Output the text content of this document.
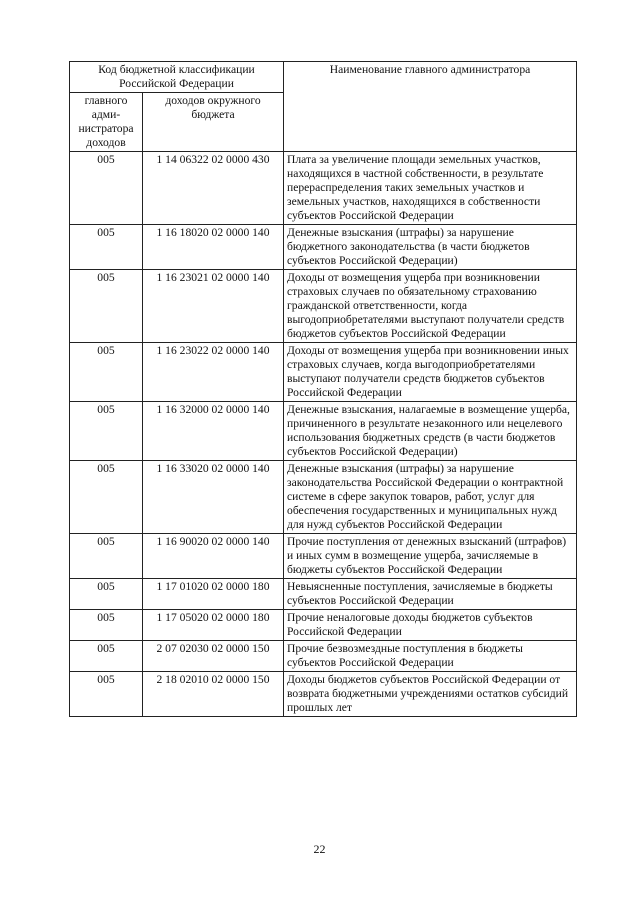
Код бюджетной классификации Российской Федерации		Наименование главного администратора
главного адми-нистратора доходов	доходов окружного бюджета	
005	1 14 06322 02 0000 430	Плата за увеличение площади земельных участков, находящихся в частной собственности, в результате перераспределения таких земельных участков и земельных участков, находящихся в собственности субъектов Российской Федерации
005	1 16 18020 02 0000 140	Денежные взыскания (штрафы) за нарушение бюджетного законодательства (в части бюджетов субъектов Российской Федерации)
005	1 16 23021 02 0000 140	Доходы от возмещения ущерба при возникновении страховых случаев по обязательному страхованию гражданской ответственности, когда выгодоприобретателями выступают получатели средств бюджетов субъектов Российской Федерации
005	1 16 23022 02 0000 140	Доходы от возмещения ущерба при возникновении иных страховых случаев, когда выгодоприобретателями выступают получатели средств бюджетов субъектов Российской Федерации
005	1 16 32000 02 0000 140	Денежные взыскания, налагаемые в возмещение ущерба, причиненного в результате незаконного или нецелевого использования бюджетных средств (в части бюджетов субъектов Российской Федерации)
005	1 16 33020 02 0000 140	Денежные взыскания (штрафы) за нарушение законодательства Российской Федерации о контрактной системе в сфере закупок товаров, работ, услуг для обеспечения государственных и муниципальных нужд для нужд субъектов Российской Федерации
005	1 16 90020 02 0000 140	Прочие поступления от денежных взысканий (штрафов) и иных сумм в возмещение ущерба, зачисляемые в бюджеты субъектов Российской Федерации
005	1 17 01020 02 0000 180	Невыясненные поступления, зачисляемые в бюджеты субъектов Российской Федерации
005	1 17 05020 02 0000 180	Прочие неналоговые доходы бюджетов субъектов Российской Федерации
005	2 07 02030 02 0000 150	Прочие безвозмездные поступления в бюджеты субъектов Российской Федерации
005	2 18 02010 02 0000 150	Доходы бюджетов субъектов Российской Федерации от возврата бюджетными учреждениями остатков субсидий прошлых лет
22
